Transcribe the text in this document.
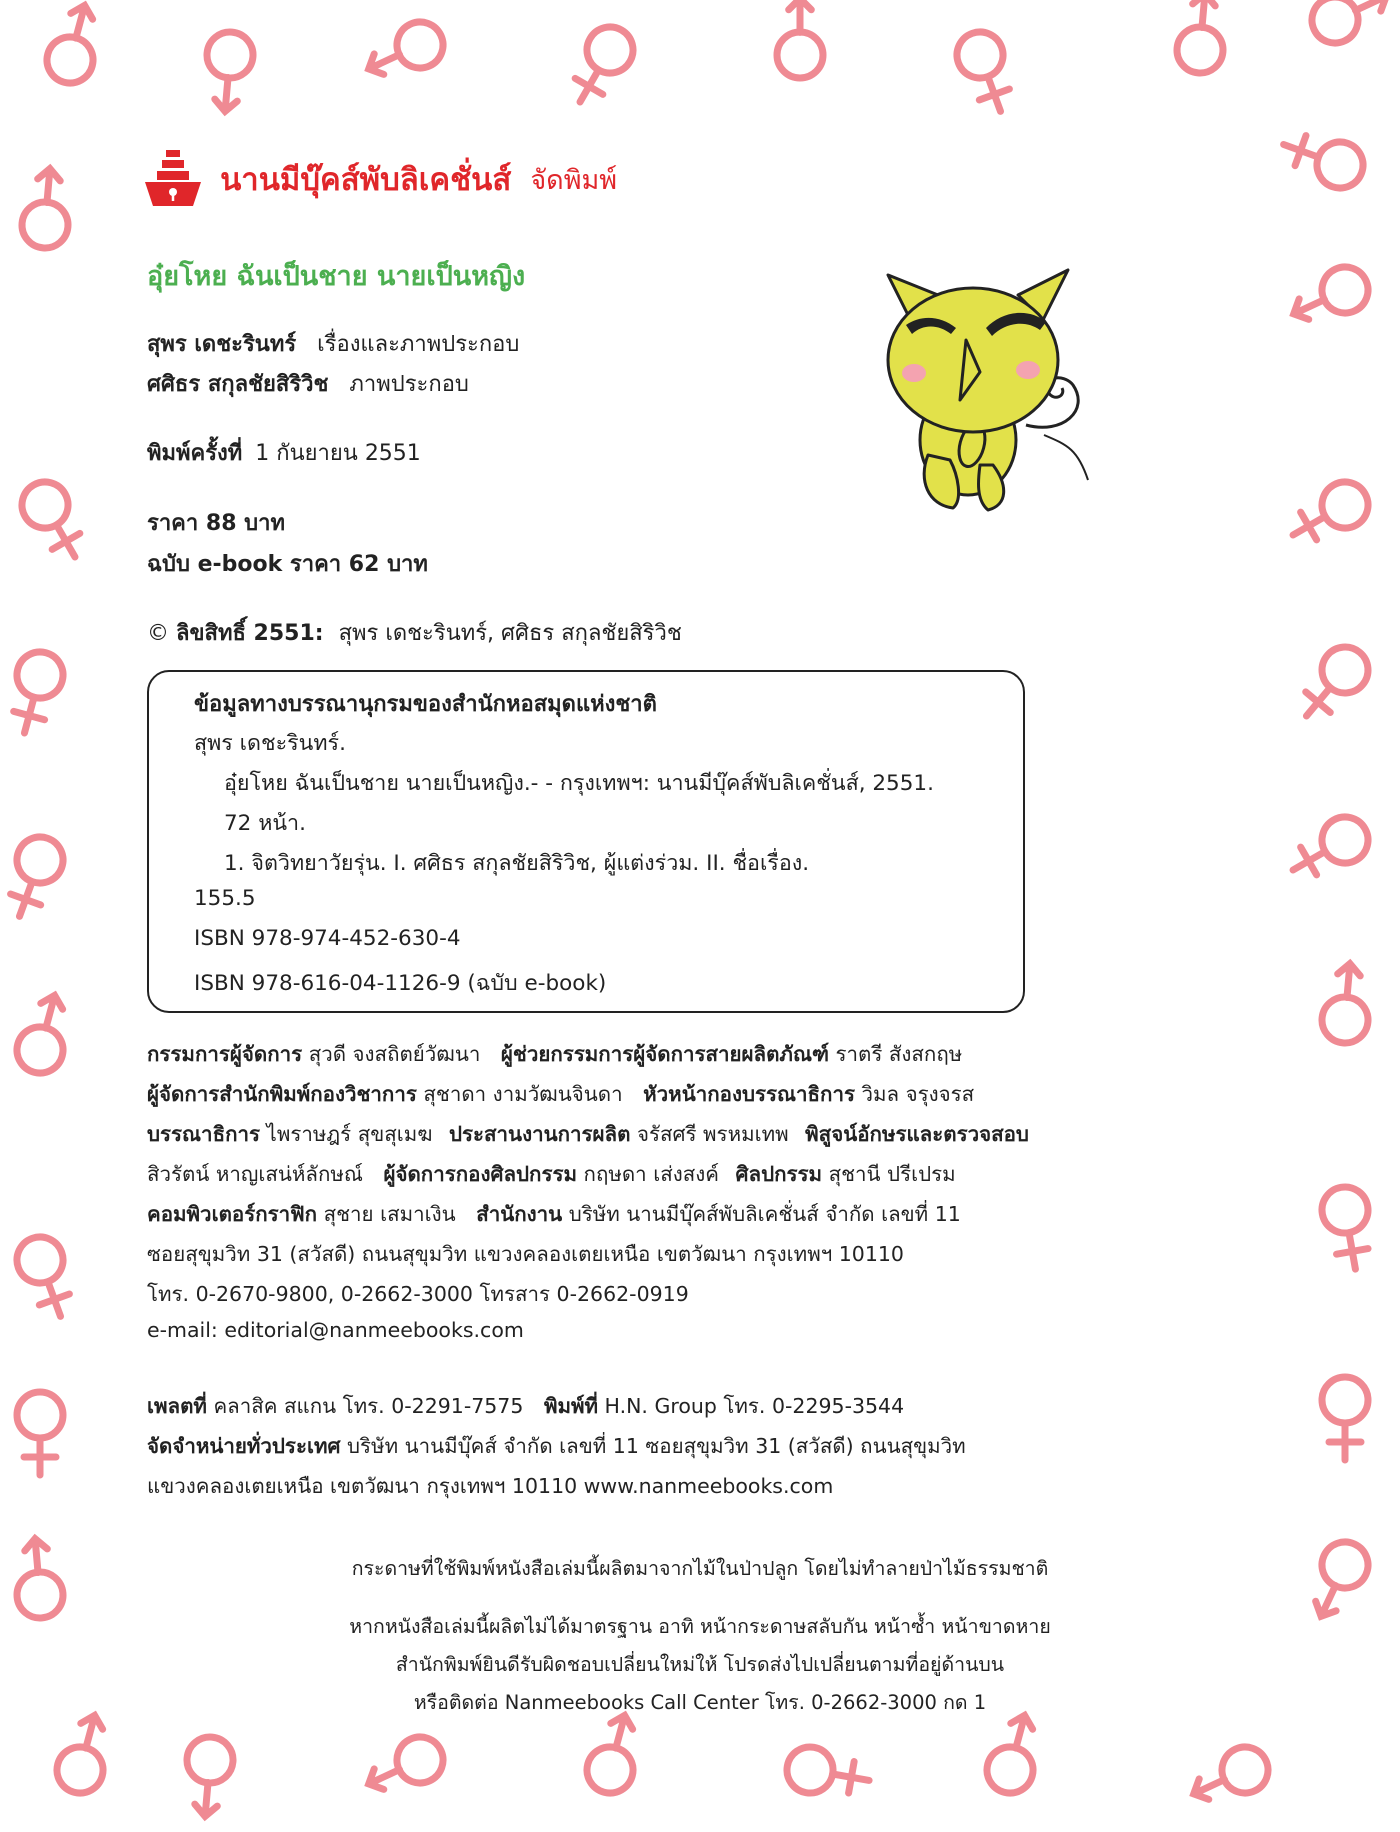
นานมีบุ๊คส์พับลิเคชั่นส์ จัดพิมพ์
อุ๋ยโหย ฉันเป็นชาย นายเป็นหญิง
สุพร เดชะรินทร์ เรื่องและภาพประกอบ
ศศิธร สกุลชัยสิริวิช ภาพประกอบ
พิมพ์ครั้งที่ 1 กันยายน 2551
ราคา 88 บาท
ฉบับ e-book ราคา 62 บาท
© ลิขสิทธิ์ 2551: สุพร เดชะรินทร์, ศศิธร สกุลชัยสิริวิช
ข้อมูลทางบรรณานุกรมของสำนักหอสมุดแห่งชาติ
สุพร เดชะรินทร์.
อุ๋ยโหย ฉันเป็นชาย นายเป็นหญิง.- - กรุงเทพฯ: นานมีบุ๊คส์พับลิเคชั่นส์, 2551.
72 หน้า.
1. จิตวิทยาวัยรุ่น. I. ศศิธร สกุลชัยสิริวิช, ผู้แต่งร่วม. II. ชื่อเรื่อง.
155.5
ISBN 978-974-452-630-4
ISBN 978-616-04-1126-9 (ฉบับ e-book)
กรรมการผู้จัดการ สุวดี จงสถิตย์วัฒนา ผู้ช่วยกรรมการผู้จัดการสายผลิตภัณฑ์ ราตรี สังสกฤษ
ผู้จัดการสำนักพิมพ์กองวิชาการ สุชาดา งามวัฒนจินดา หัวหน้ากองบรรณาธิการ วิมล จรุงจรส
บรรณาธิการ ไพราษฎร์ สุขสุเมฆ ประสานงานการผลิต จรัสศรี พรหมเทพ พิสูจน์อักษรและตรวจสอบ
สิวรัตน์ หาญเสน่ห์ลักษณ์ ผู้จัดการกองศิลปกรรม กฤษดา เส่งสงค์ ศิลปกรรม สุชานี ปรีเปรม
คอมพิวเตอร์กราฟิก สุชาย เสมาเงิน สำนักงาน บริษัท นานมีบุ๊คส์พับลิเคชั่นส์ จำกัด เลขที่ 11
ซอยสุขุมวิท 31 (สวัสดี) ถนนสุขุมวิท แขวงคลองเตยเหนือ เขตวัฒนา กรุงเทพฯ 10110
โทร. 0-2670-9800, 0-2662-3000 โทรสาร 0-2662-0919
e-mail: editorial@nanmeebooks.com
เพลตที่ คลาสิค สแกน โทร. 0-2291-7575 พิมพ์ที่ H.N. Group โทร. 0-2295-3544
จัดจำหน่ายทั่วประเทศ บริษัท นานมีบุ๊คส์ จำกัด เลขที่ 11 ซอยสุขุมวิท 31 (สวัสดี) ถนนสุขุมวิท
แขวงคลองเตยเหนือ เขตวัฒนา กรุงเทพฯ 10110 www.nanmeebooks.com
กระดาษที่ใช้พิมพ์หนังสือเล่มนี้ผลิตมาจากไม้ในป่าปลูก โดยไม่ทำลายป่าไม้ธรรมชาติ
หากหนังสือเล่มนี้ผลิตไม่ได้มาตรฐาน อาทิ หน้ากระดาษสลับกัน หน้าซ้ำ หน้าขาดหาย
สำนักพิมพ์ยินดีรับผิดชอบเปลี่ยนใหม่ให้ โปรดส่งไปเปลี่ยนตามที่อยู่ด้านบน
หรือติดต่อ Nanmeebooks Call Center โทร. 0-2662-3000 กด 1
